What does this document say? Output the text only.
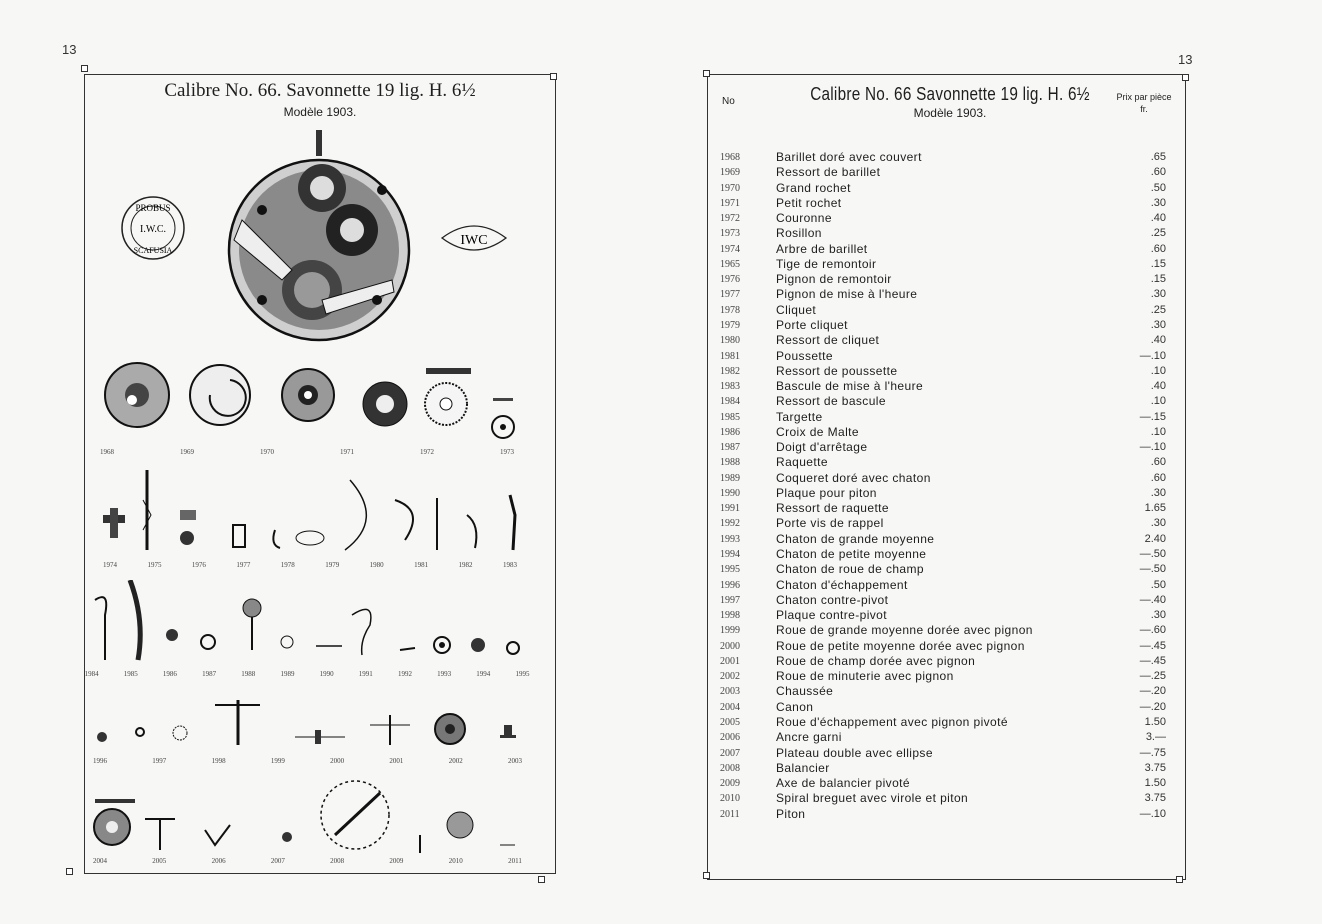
13
Calibre No. 66. Savonnette 19 lig. H. 6½
Modèle 1903.
PROBUS
I.W.C.
SCAFUSIA
IWC
1968	1969	1970	1971	1972	1973
1974	1975	1976	1977	1978	1979	1980	1981	1982	1983
1984	1985	1986	1987	1988	1989	1990	1991	1992	1993	1994	1995
1996	1997	1998	1999	2000	2001	2002	2003
2004	2005	2006	2007	2008	2009	2010	2011
13
No	Calibre No. 66 Savonnette 19 lig. H. 6½
Modèle 1903.
Prix par pièce
fr.
1968	Barillet doré avec couvert	.65
1969	Ressort de barillet	.60
1970	Grand rochet	.50
1971	Petit rochet	.30
1972	Couronne	.40
1973	Rosillon	.25
1974	Arbre de barillet	.60
1965	Tige de remontoir	.15
1976	Pignon de remontoir	.15
1977	Pignon de mise à l'heure	.30
1978	Cliquet	.25
1979	Porte cliquet	.30
1980	Ressort de cliquet	.40
1981	Poussette	—.10
1982	Ressort de poussette	.10
1983	Bascule de mise à l'heure	.40
1984	Ressort de bascule	.10
1985	Targette	—.15
1986	Croix de Malte	.10
1987	Doigt d'arrêtage	—.10
1988	Raquette	.60
1989	Coqueret doré avec chaton	.60
1990	Plaque pour piton	.30
1991	Ressort de raquette	1.65
1992	Porte vis de rappel	.30
1993	Chaton de grande moyenne	2.40
1994	Chaton de petite moyenne	—.50
1995	Chaton de roue de champ	—.50
1996	Chaton d'échappement	.50
1997	Chaton contre-pivot	—.40
1998	Plaque contre-pivot	.30
1999	Roue de grande moyenne dorée avec pignon	—.60
2000	Roue de petite moyenne dorée avec pignon	—.45
2001	Roue de champ dorée avec pignon	—.45
2002	Roue de minuterie avec pignon	—.25
2003	Chaussée	—.20
2004	Canon	—.20
2005	Roue d'échappement avec pignon pivoté	1.50
2006	Ancre garni	3.—
2007	Plateau double avec ellipse	—.75
2008	Balancier	3.75
2009	Axe de balancier pivoté	1.50
2010	Spiral breguet avec virole et piton	3.75
2011	Piton	—.10
